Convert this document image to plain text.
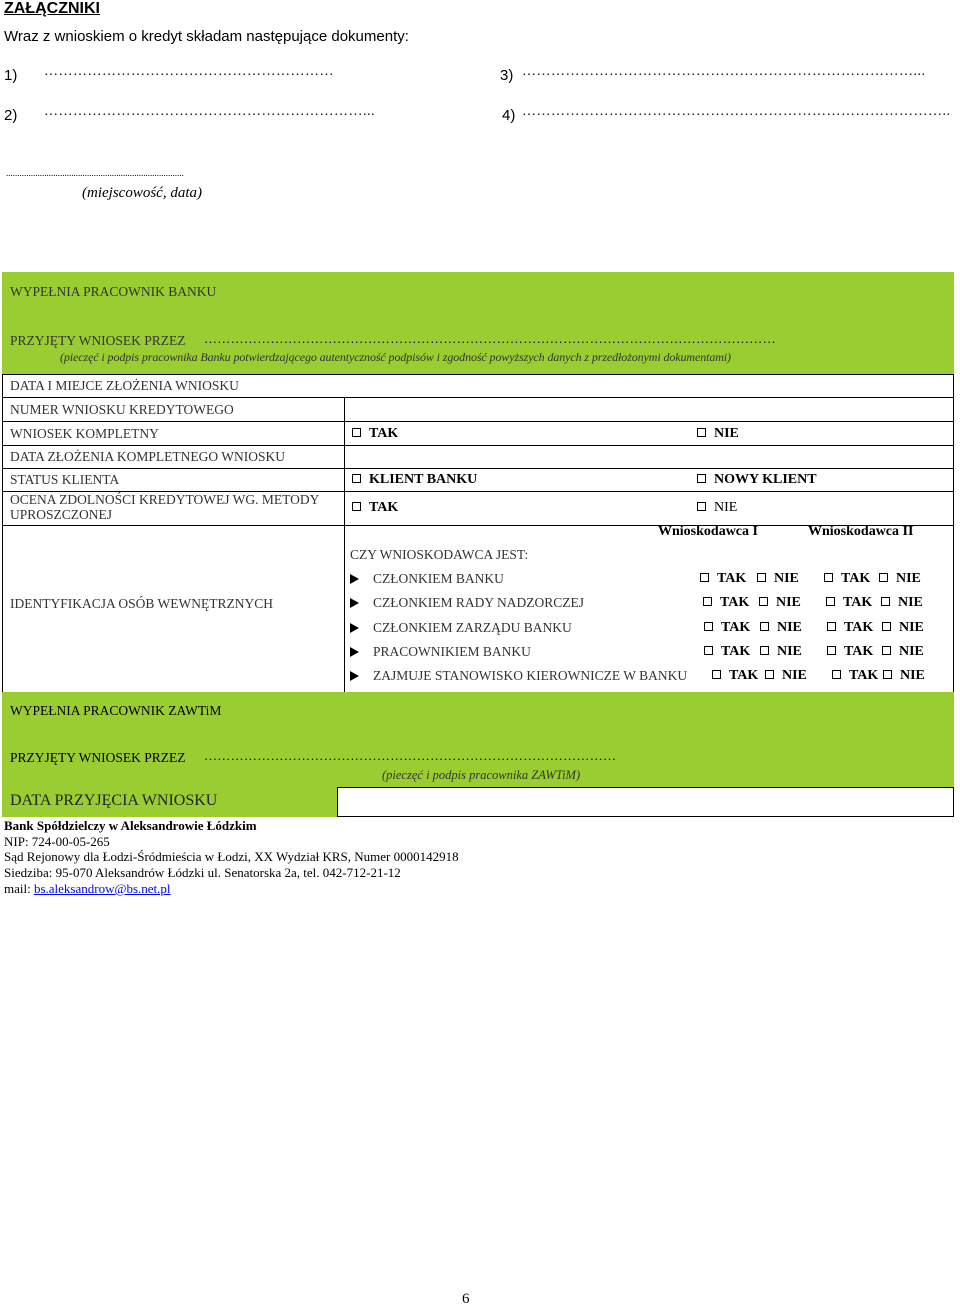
ZAŁĄCZNIKI
Wraz z wnioskiem o kredyt składam następujące dokumenty:
1) ……………………………………………………	3) ………………………………………………………………………...
2) …………………………………………………………...	4) ……………………………………………………………………………..
...............................................................................
(miejscowość, data)
WYPEŁNIA PRACOWNIK BANKU
PRZYJĘTY WNIOSEK PRZEZ …………………………………………………………………………………………………………………
(pieczęć i podpis pracownika Banku potwierdzającego autentyczność podpisów i zgodność powyższych danych z przedłożonymi dokumentami)
DATA I MIEJCE ZŁOŻENIA WNIOSKU
NUMER WNIOSKU KREDYTOWEGO
WNIOSEK KOMPLETNY	TAK	NIE
DATA ZŁOŻENIA KOMPLETNEGO WNIOSKU
STATUS KLIENTA	KLIENT BANKU	NOWY KLIENT
OCENA ZDOLNOŚCI KREDYTOWEJ WG. METODY UPROSZCZONEJ	TAK	NIE
IDENTYFIKACJA OSÓB WEWNĘTRZNYCH
Wnioskodawca I	Wnioskodawca II
CZY WNIOSKODAWCA JEST:
CZŁONKIEM BANKU	TAK	NIE	TAK	NIE
CZŁONKIEM RADY NADZORCZEJ	TAK	NIE	TAK	NIE
CZŁONKIEM ZARZĄDU BANKU	TAK	NIE	TAK	NIE
PRACOWNIKIEM BANKU	TAK	NIE	TAK	NIE
ZAJMUJE STANOWISKO KIEROWNICZE W BANKU	TAK	NIE	TAK	NIE
WYPEŁNIA PRACOWNIK ZAWTiM
PRZYJĘTY WNIOSEK PRZEZ …………………………………………………………………………………
(pieczęć i podpis pracownika ZAWTiM)
DATA PRZYJĘCIA WNIOSKU
Bank Spółdzielczy w Aleksandrowie Łódzkim
NIP: 724-00-05-265
Sąd Rejonowy dla Łodzi-Śródmieścia w Łodzi, XX Wydział KRS, Numer 0000142918
Siedziba: 95-070 Aleksandrów Łódzki ul. Senatorska 2a, tel. 042-712-21-12
mail: bs.aleksandrow@bs.net.pl
6
